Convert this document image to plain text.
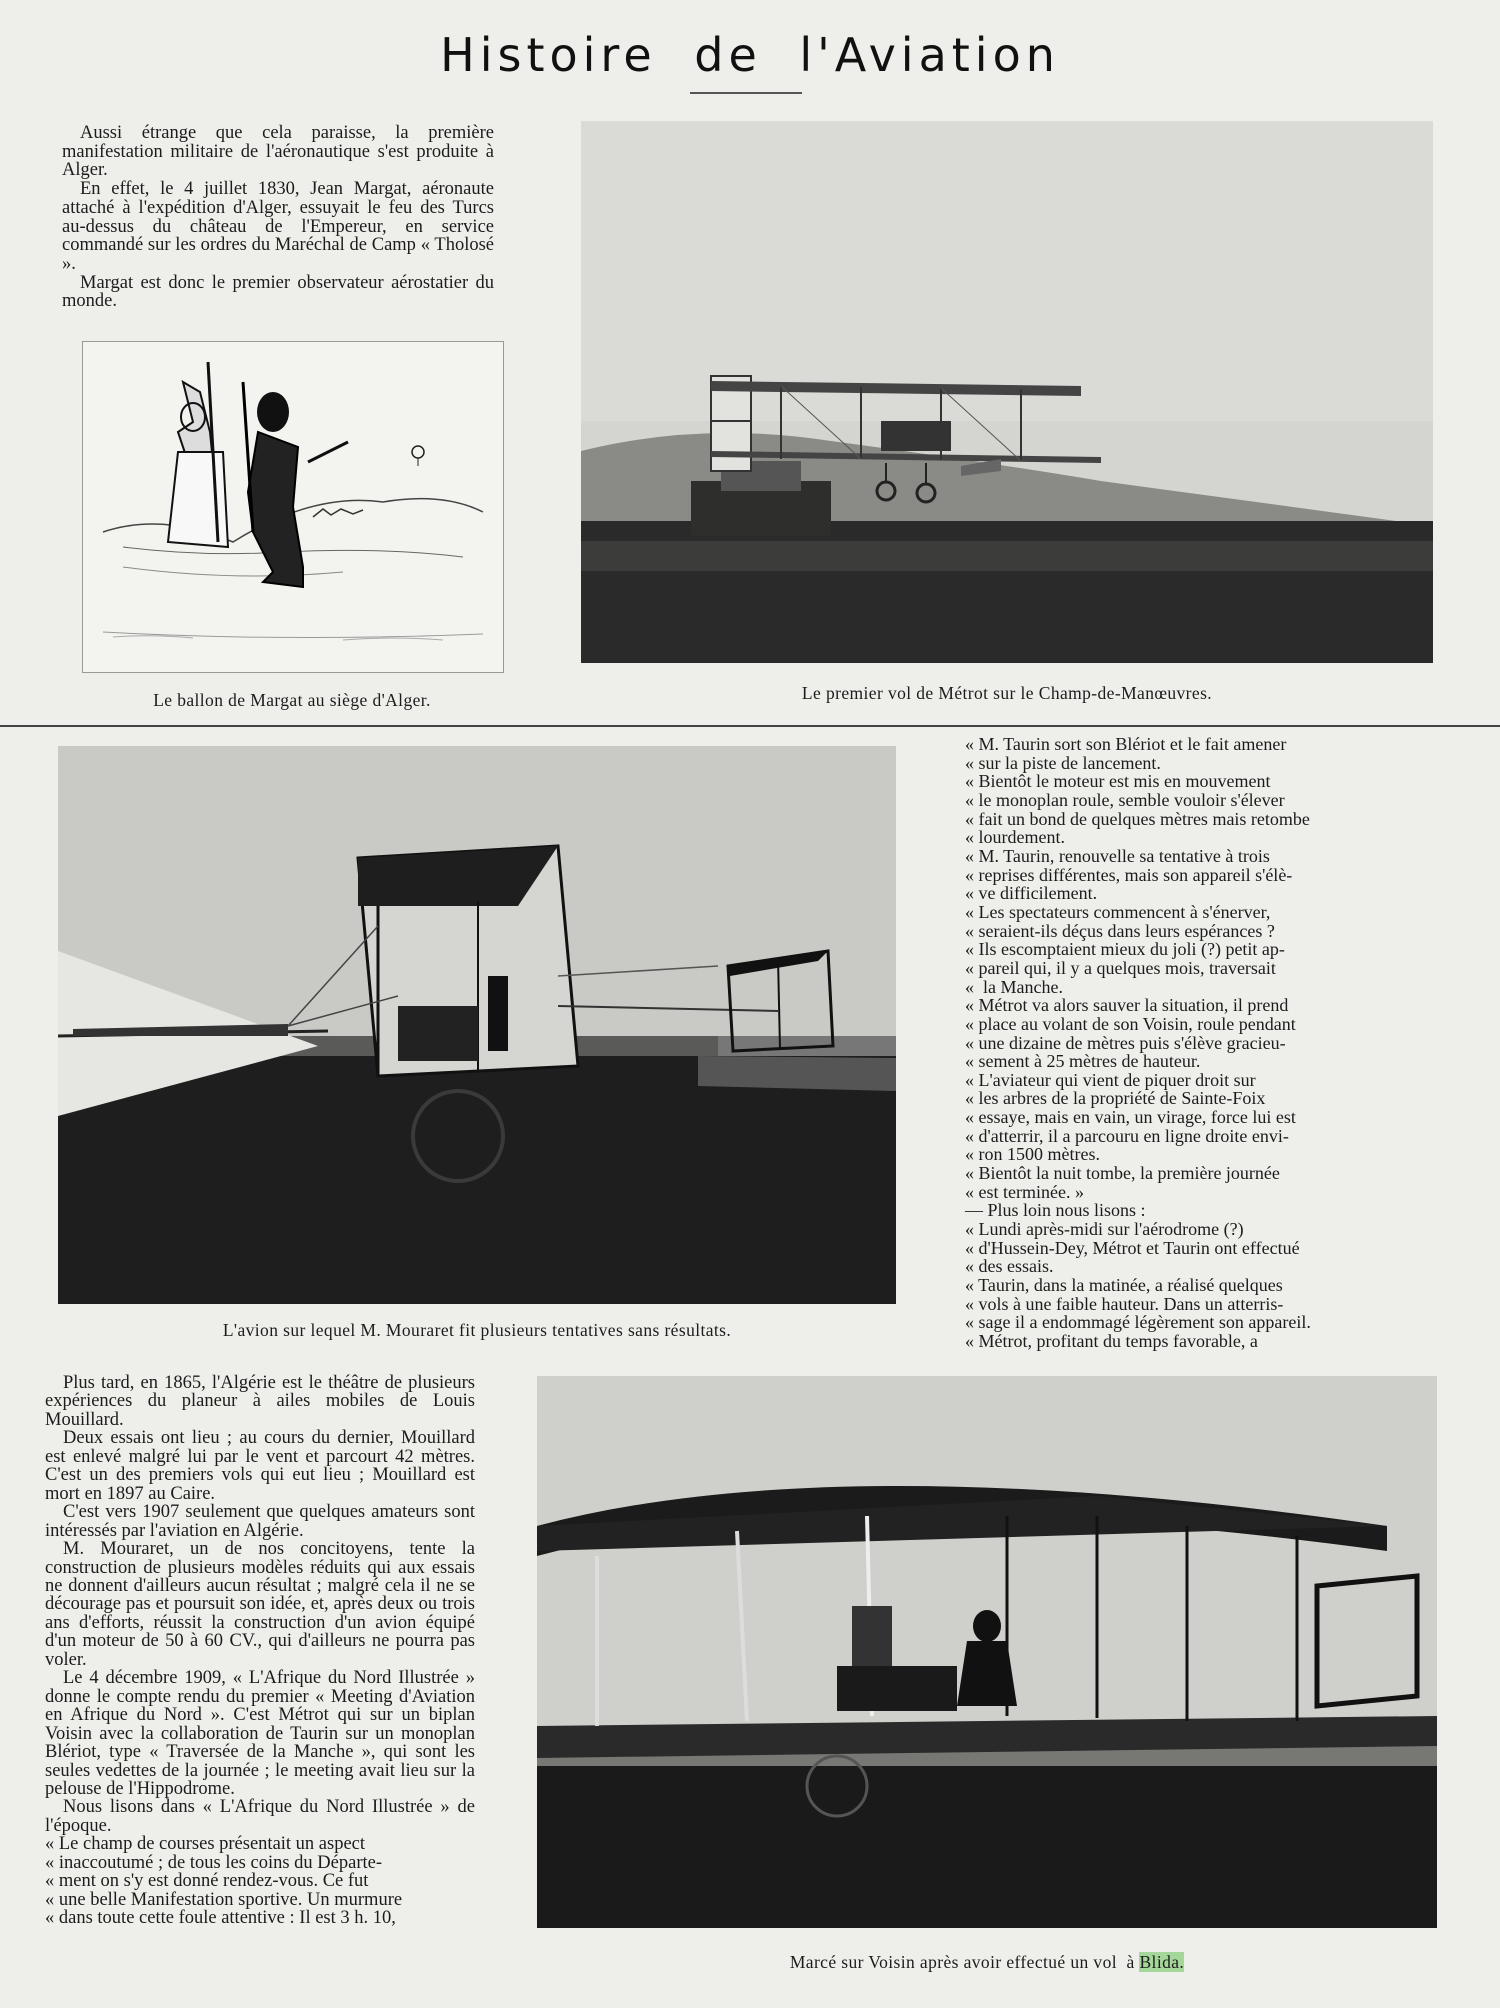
Histoire de l'Aviation

Aussi étrange que cela paraisse, la première manifestation militaire de l'aéronautique s'est produite à Alger.

En effet, le 4 juillet 1830, Jean Margat, aéronaute attaché à l'expédition d'Alger, essuyait le feu des Turcs au-dessus du château de l'Empereur, en service commandé sur les ordres du Maréchal de Camp « Tholosé ».

Margat est donc le premier observateur aérostatier du monde.

Le ballon de Margat au siège d'Alger.	Le premier vol de Métrot sur le Champ-de-Manœuvres.
L'avion sur lequel M. Mouraret fit plusieurs tentatives sans résultats.
« M. Taurin sort son Blériot et le fait amener
« sur la piste de lancement.
« Bientôt le moteur est mis en mouvement
« le monoplan roule, semble vouloir s'élever
« fait un bond de quelques mètres mais retombe
« lourdement.
« M. Taurin, renouvelle sa tentative à trois
« reprises différentes, mais son appareil s'élè-
« ve difficilement.
« Les spectateurs commencent à s'énerver,
« seraient-ils déçus dans leurs espérances ?
« Ils escomptaient mieux du joli (?) petit ap-
« pareil qui, il y a quelques mois, traversait
«  la Manche.
« Métrot va alors sauver la situation, il prend
« place au volant de son Voisin, roule pendant
« une dizaine de mètres puis s'élève gracieu-
« sement à 25 mètres de hauteur.
« L'aviateur qui vient de piquer droit sur
« les arbres de la propriété de Sainte-Foix
« essaye, mais en vain, un virage, force lui est
« d'atterrir, il a parcouru en ligne droite envi-
« ron 1500 mètres.
« Bientôt la nuit tombe, la première journée
« est terminée. »
— Plus loin nous lisons :
« Lundi après-midi sur l'aérodrome (?)
« d'Hussein-Dey, Métrot et Taurin ont effectué
« des essais.
« Taurin, dans la matinée, a réalisé quelques
« vols à une faible hauteur. Dans un atterris-
« sage il a endommagé légèrement son appareil.
« Métrot, profitant du temps favorable, a

Plus tard, en 1865, l'Algérie est le théâtre de plusieurs expériences du planeur à ailes mobiles de Louis Mouillard.

Deux essais ont lieu ; au cours du dernier, Mouillard est enlevé malgré lui par le vent et parcourt 42 mètres. C'est un des premiers vols qui eut lieu ; Mouillard est mort en 1897 au Caire.

C'est vers 1907 seulement que quelques amateurs sont intéressés par l'aviation en Algérie.

M. Mouraret, un de nos concitoyens, tente la construction de plusieurs modèles réduits qui aux essais ne donnent d'ailleurs aucun résultat ; malgré cela il ne se décourage pas et poursuit son idée, et, après deux ou trois ans d'efforts, réussit la construction d'un avion équipé d'un moteur de 50 à 60 CV., qui d'ailleurs ne pourra pas voler.

Le 4 décembre 1909, « L'Afrique du Nord Illustrée » donne le compte rendu du premier « Meeting d'Aviation en Afrique du Nord ». C'est Métrot qui sur un biplan Voisin avec la collaboration de Taurin sur un monoplan Blériot, type « Traversée de la Manche », qui sont les seules vedettes de la journée ; le meeting avait lieu sur la pelouse de l'Hippodrome.

Nous lisons dans « L'Afrique du Nord Illustrée » de l'époque.

« Le champ de courses présentait un aspect
« inaccoutumé ; de tous les coins du Départe-
« ment on s'y est donné rendez-vous. Ce fut
« une belle Manifestation sportive. Un murmure
« dans toute cette foule attentive : Il est 3 h. 10,
Marcé sur Voisin après avoir effectué un vol  à Blida.
